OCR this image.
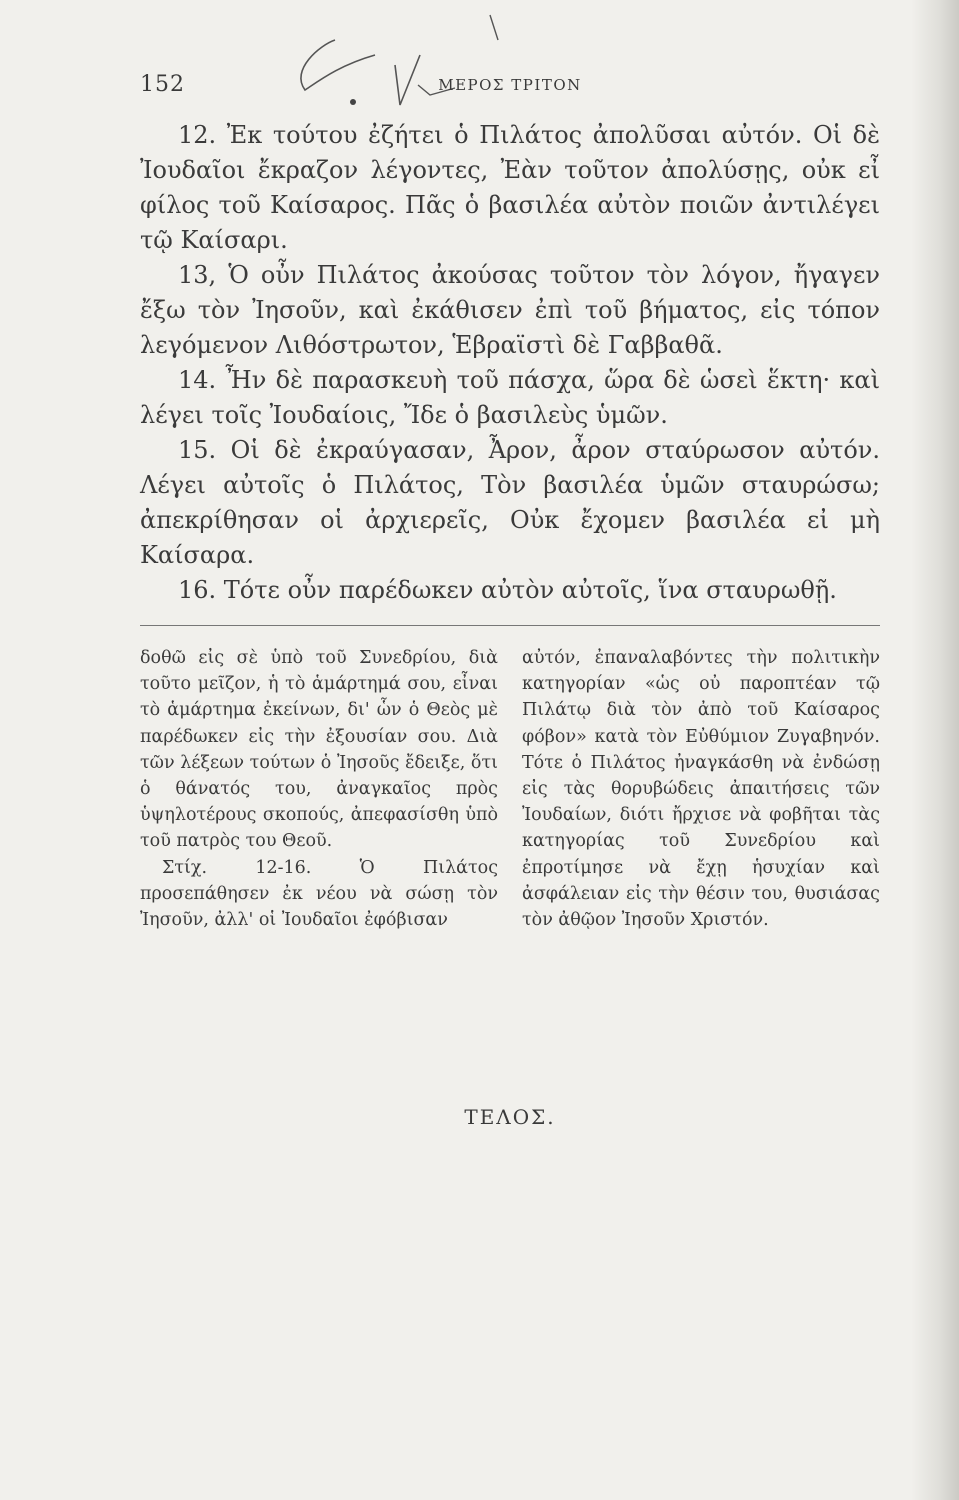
152	ΜΕΡΟΣ ΤΡΙΤΟΝ

12. Ἐκ τούτου ἐζήτει ὁ Πιλάτος ἀπολῦσαι αὐτόν. Οἱ δὲ Ἰουδαῖοι ἔκραζον λέγοντες, Ἐὰν τοῦτον ἀπολύσῃς, οὐκ εἶ φίλος τοῦ Καίσαρος. Πᾶς ὁ βασιλέα αὐτὸν ποιῶν ἀντιλέγει τῷ Καίσαρι.

13, Ὁ οὖν Πιλάτος ἀκούσας τοῦτον τὸν λόγον, ἤγαγεν ἔξω τὸν Ἰησοῦν, καὶ ἐκάθισεν ἐπὶ τοῦ βήματος, εἰς τόπον λεγόμενον Λιθόστρωτον, Ἑβραϊστὶ δὲ Γαββαθᾶ.

14. Ἦν δὲ παρασκευὴ τοῦ πάσχα, ὥρα δὲ ὡσεὶ ἕκτη· καὶ λέγει τοῖς Ἰουδαίοις, Ἴδε ὁ βασιλεὺς ὑμῶν.

15. Οἱ δὲ ἐκραύγασαν, Ἆρον, ἆρον σταύρωσον αὐτόν. Λέγει αὐτοῖς ὁ Πιλάτος, Τὸν βασιλέα ὑμῶν σταυρώσω; ἀπεκρίθησαν οἱ ἀρχιερεῖς, Οὐκ ἔχομεν βασιλέα εἰ μὴ Καίσαρα.

16. Τότε οὖν παρέδωκεν αὐτὸν αὐτοῖς, ἵνα σταυρωθῇ.

δοθῶ εἰς σὲ ὑπὸ τοῦ Συνεδρίου, διὰ τοῦτο μεῖζον, ἡ τὸ ἁμάρτημά σου, εἶναι τὸ ἁμάρτημα ἐκείνων, δι' ὧν ὁ Θεὸς μὲ παρέδωκεν εἰς τὴν ἐξουσίαν σου. Διὰ τῶν λέξεων τούτων ὁ Ἰησοῦς ἔδειξε, ὅτι ὁ θάνατός του, ἀναγκαῖος πρὸς ὑψηλοτέρους σκοπούς, ἀπεφασίσθη ὑπὸ τοῦ πατρὸς του Θεοῦ.

Στίχ. 12-16. Ὁ Πιλάτος προσεπάθησεν ἐκ νέου νὰ σώσῃ τὸν Ἰησοῦν, ἀλλ' οἱ Ἰουδαῖοι ἐφόβισαν

αὐτόν, ἐπαναλαβόντες τὴν πολιτικὴν κατηγορίαν «ὡς οὐ παροπτέαν τῷ Πιλάτῳ διὰ τὸν ἀπὸ τοῦ Καίσαρος φόβον» κατὰ τὸν Εὐθύμιον Ζυγαβηνόν. Τότε ὁ Πιλάτος ἠναγκάσθη νὰ ἐνδώσῃ εἰς τὰς θορυβώδεις ἀπαιτήσεις τῶν Ἰουδαίων, διότι ἤρχισε νὰ φοβῆται τὰς κατηγορίας τοῦ Συνεδρίου καὶ ἐπροτίμησε νὰ ἔχῃ ἡσυχίαν καὶ ἀσφάλειαν εἰς τὴν θέσιν του, θυσιάσας τὸν ἀθῷον Ἰησοῦν Χριστόν.

ΤΕΛΟΣ.
